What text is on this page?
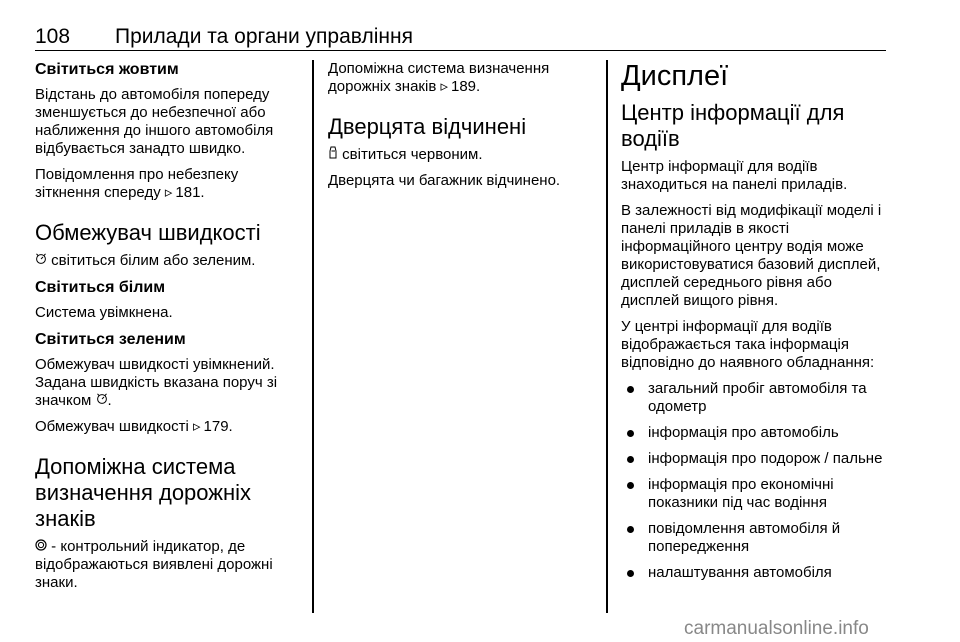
108 Прилади та органи управління
Світиться жовтим

Відстань до автомобіля попереду зменшується до небезпечної або наближення до іншого автомобіля відбувається занадто швидко.

Повідомлення про небезпеку зіткнення спереду ▹ 181.

Обмежувач швидкості

світиться білим або зеленим.

Світиться білим

Система увімкнена.

Світиться зеленим

Обмежувач швидкості увімкнений. Задана швидкість вказана поруч зі значком .

Обмежувач швидкості ▹ 179.

Допоміжна система визначення дорожніх знаків

- контрольний індикатор, де відображаються виявлені дорожні знаки.

Допоміжна система визначення дорожніх знаків ▹ 189.

Дверцята відчинені

світиться червоним.

Дверцята чи багажник відчинено.

Дисплеї
Центр інформації для водіїв

Центр інформації для водіїв знаходиться на панелі приладів.

В залежності від модифікації моделі і панелі приладів в якості інформаційного центру водія може використовуватися базовий дисплей, дисплей середнього рівня або дисплей вищого рівня.

У центрі інформації для водіїв відображається така інформація відповідно до наявного обладнання:

загальний пробіг автомобіля та одометр
інформація про автомобіль
інформація про подорож / пальне
інформація про економічні показники під час водіння
повідомлення автомобіля й попередження
налаштування автомобіля
carmanualsonline.info
